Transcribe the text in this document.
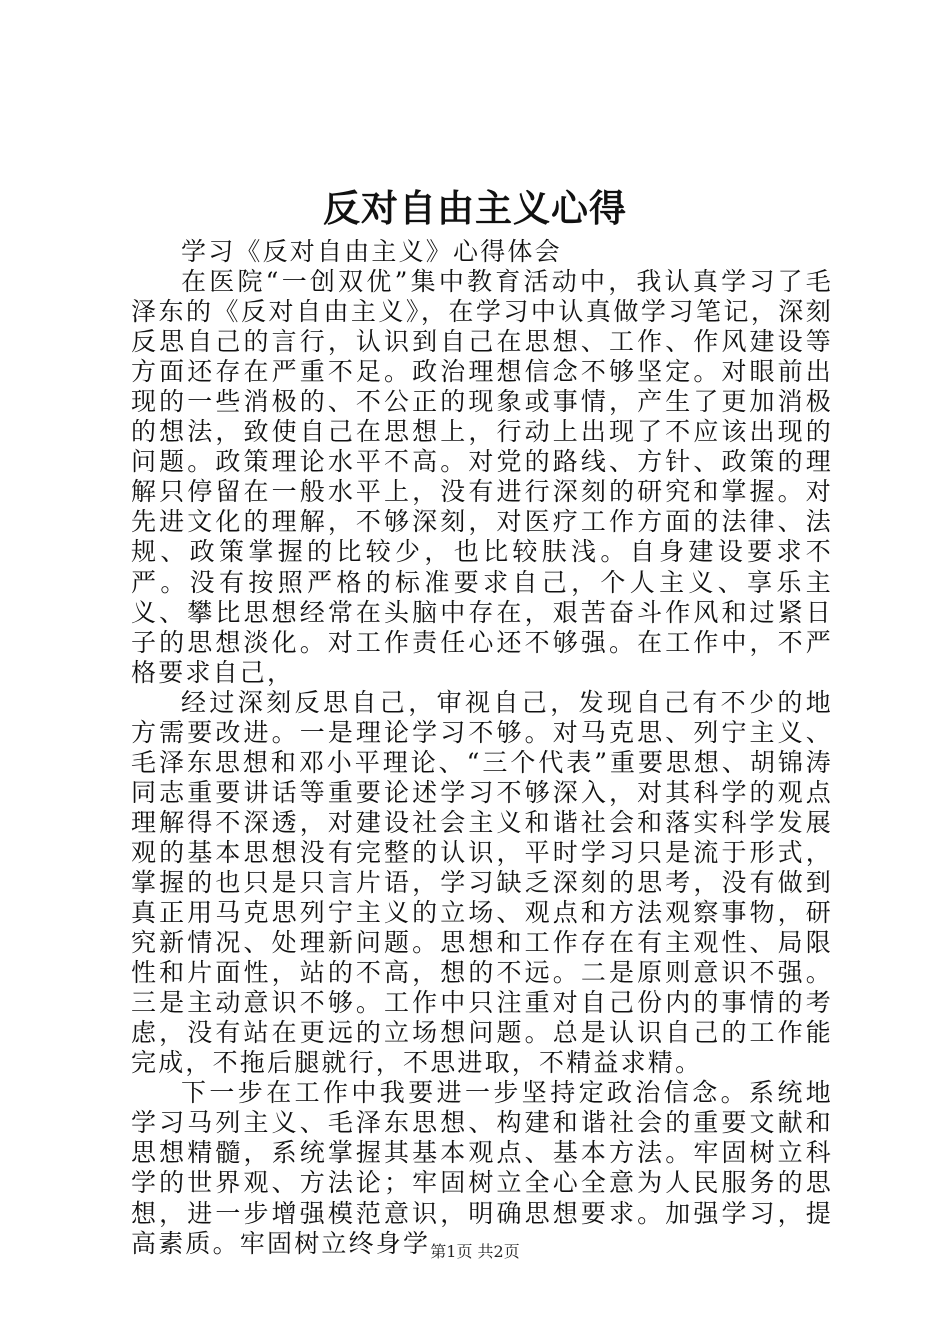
反对自由主义心得

学习《反对自由主义》心得体会

在医院“一创双优”集中教育活动中，我认真学习了毛泽东的《反对自由主义》，在学习中认真做学习笔记，深刻反思自己的言行，认识到自己在思想、工作、作风建设等方面还存在严重不足。政治理想信念不够坚定。对眼前出现的一些消极的、不公正的现象或事情，产生了更加消极的想法，致使自己在思想上，行动上出现了不应该出现的问题。政策理论水平不高。对党的路线、方针、政策的理解只停留在一般水平上，没有进行深刻的研究和掌握。对先进文化的理解，不够深刻，对医疗工作方面的法律、法规、政策掌握的比较少，也比较肤浅。自身建设要求不严。没有按照严格的标准要求自己，个人主义、享乐主义、攀比思想经常在头脑中存在，艰苦奋斗作风和过紧日子的思想淡化。对工作责任心还不够强。在工作中，不严格要求自己，

经过深刻反思自己，审视自己，发现自己有不少的地方需要改进。一是理论学习不够。对马克思、列宁主义、毛泽东思想和邓小平理论、“三个代表”重要思想、胡锦涛同志重要讲话等重要论述学习不够深入，对其科学的观点理解得不深透，对建设社会主义和谐社会和落实科学发展观的基本思想没有完整的认识，平时学习只是流于形式，掌握的也只是只言片语，学习缺乏深刻的思考，没有做到真正用马克思列宁主义的立场、观点和方法观察事物，研究新情况、处理新问题。思想和工作存在有主观性、局限性和片面性，站的不高，想的不远。二是原则意识不强。三是主动意识不够。工作中只注重对自己份内的事情的考虑，没有站在更远的立场想问题。总是认识自己的工作能完成，不拖后腿就行，不思进取，不精益求精。

下一步在工作中我要进一步坚持定政治信念。系统地学习马列主义、毛泽东思想、构建和谐社会的重要文献和思想精髓，系统掌握其基本观点、基本方法。牢固树立科学的世界观、方法论；牢固树立全心全意为人民服务的思想，进一步增强模范意识，明确思想要求。加强学习，提高素质。牢固树立终身学 第1页 共2页
